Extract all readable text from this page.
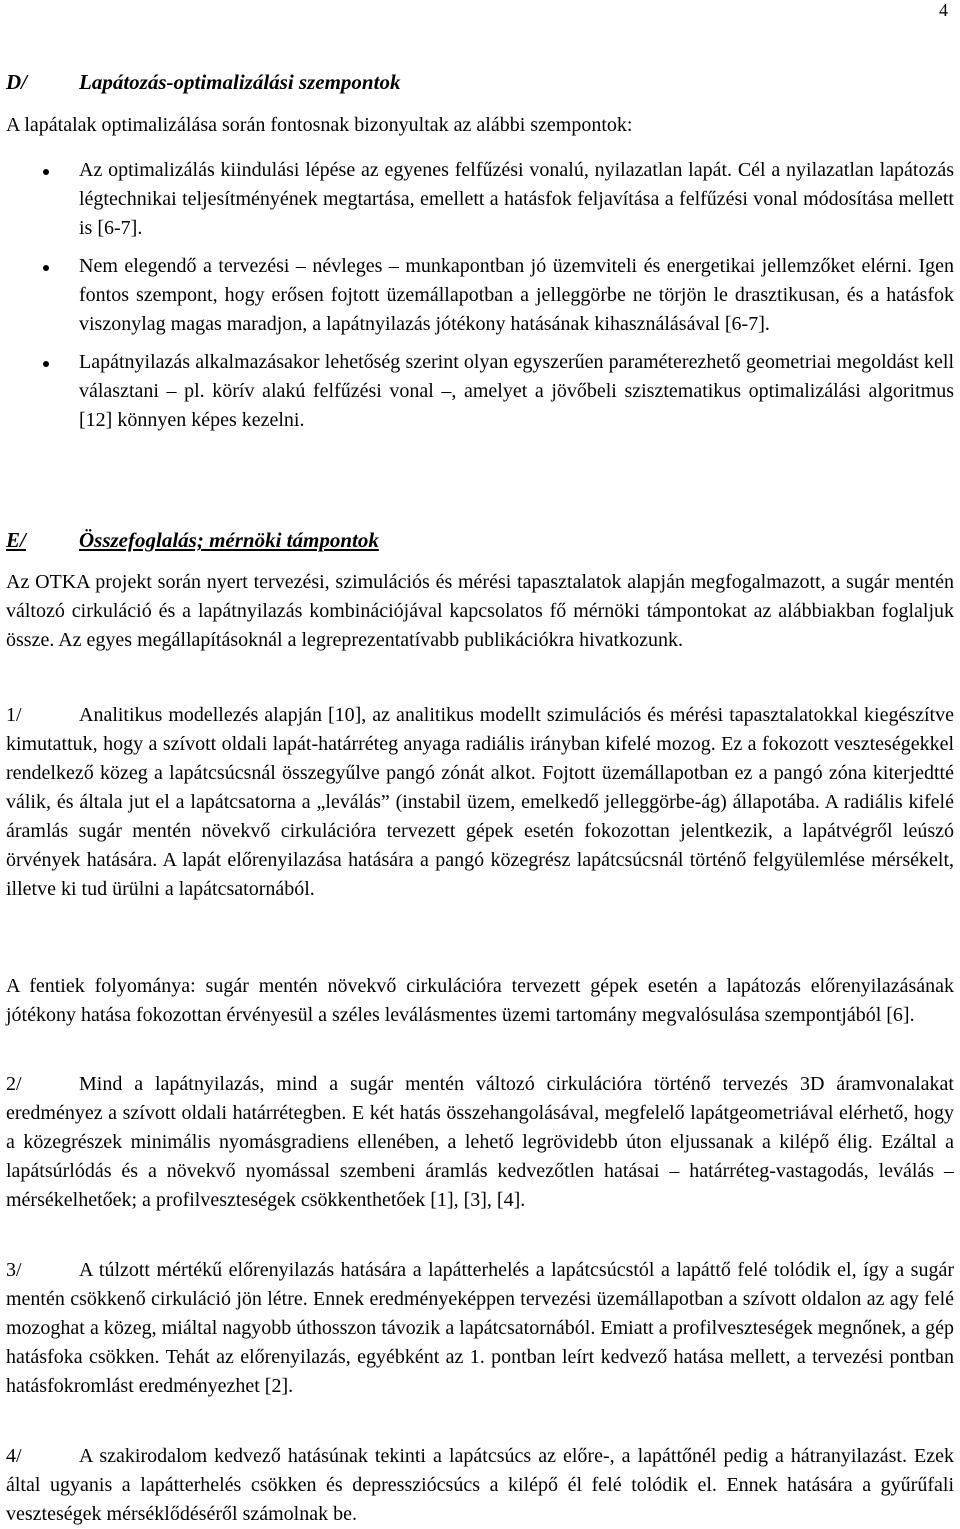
4
D/ Lapátozás-optimalizálási szempontok

A lapátalak optimalizálása során fontosnak bizonyultak az alábbi szempontok:

Az optimalizálás kiindulási lépése az egyenes felfűzési vonalú, nyilazatlan lapát. Cél a nyilazatlan lapátozás légtechnikai teljesítményének megtartása, emellett a hatásfok feljavítása a felfűzési vonal módosítása mellett is [6-7].
Nem elegendő a tervezési – névleges – munkapontban jó üzemviteli és energetikai jellemzőket elérni. Igen fontos szempont, hogy erősen fojtott üzemállapotban a jelleggörbe ne törjön le drasztikusan, és a hatásfok viszonylag magas maradjon, a lapátnyilazás jótékony hatásának kihasználásával [6-7].
Lapátnyilazás alkalmazásakor lehetőség szerint olyan egyszerűen paraméterezhető geometriai megoldást kell választani – pl. körív alakú felfűzési vonal –, amelyet a jövőbeli szisztematikus optimalizálási algoritmus [12] könnyen képes kezelni.
E/	Összefoglalás; mérnöki támpontok

Az OTKA projekt során nyert tervezési, szimulációs és mérési tapasztalatok alapján megfogalmazott, a sugár mentén változó cirkuláció és a lapátnyilazás kombinációjával kapcsolatos fő mérnöki támpontokat az alábbiakban foglaljuk össze. Az egyes megállapításoknál a legreprezentatívabb publikációkra hivatkozunk.

1/	Analitikus modellezés alapján [10], az analitikus modellt szimulációs és mérési tapasztalatokkal kiegészítve kimutattuk, hogy a szívott oldali lapát-határréteg anyaga radiális irányban kifelé mozog. Ez a fokozott veszteségekkel rendelkező közeg a lapátcsúcsnál összegyűlve pangó zónát alkot. Fojtott üzemállapotban ez a pangó zóna kiterjedtté válik, és általa jut el a lapátcsatorna a „leválás” (instabil üzem, emelkedő jelleggörbe-ág) állapotába. A radiális kifelé áramlás sugár mentén növekvő cirkulációra tervezett gépek esetén fokozottan jelentkezik, a lapátvégről leúszó örvények hatására. A lapát előrenyilazása hatására a pangó közegrész lapátcsúcsnál történő felgyülemlése mérsékelt, illetve ki tud ürülni a lapátcsatornából.

A fentiek folyománya: sugár mentén növekvő cirkulációra tervezett gépek esetén a lapátozás előrenyilazásának jótékony hatása fokozottan érvényesül a széles leválásmentes üzemi tartomány megvalósulása szempontjából [6].

2/	Mind a lapátnyilazás, mind a sugár mentén változó cirkulációra történő tervezés 3D áramvonalakat eredményez a szívott oldali határrétegben. E két hatás összehangolásával, megfelelő lapátgeometriával elérhető, hogy a közegrészek minimális nyomásgradiens ellenében, a lehető legrövidebb úton eljussanak a kilépő élig. Ezáltal a lapátsúrlódás és a növekvő nyomással szembeni áramlás kedvezőtlen hatásai – határréteg-vastagodás, leválás – mérsékelhetőek; a profilveszteségek csökkenthetőek [1], [3], [4].

3/	A túlzott mértékű előrenyilazás hatására a lapátterhelés a lapátcsúcstól a lapáttő felé tolódik el, így a sugár mentén csökkenő cirkuláció jön létre. Ennek eredményeképpen tervezési üzemállapotban a szívott oldalon az agy felé mozoghat a közeg, miáltal nagyobb úthosszon távozik a lapátcsatornából. Emiatt a profilveszteségek megnőnek, a gép hatásfoka csökken. Tehát az előrenyilazás, egyébként az 1. pontban leírt kedvező hatása mellett, a tervezési pontban hatásfokromlást eredményezhet [2].

4/	A szakirodalom kedvező hatásúnak tekinti a lapátcsúcs az előre-, a lapáttőnél pedig a hátranyilazást. Ezek által ugyanis a lapátterhelés csökken és depressziócsúcs a kilépő él felé tolódik el. Ennek hatására a gyűrűfali veszteségek mérséklődéséről számolnak be.
